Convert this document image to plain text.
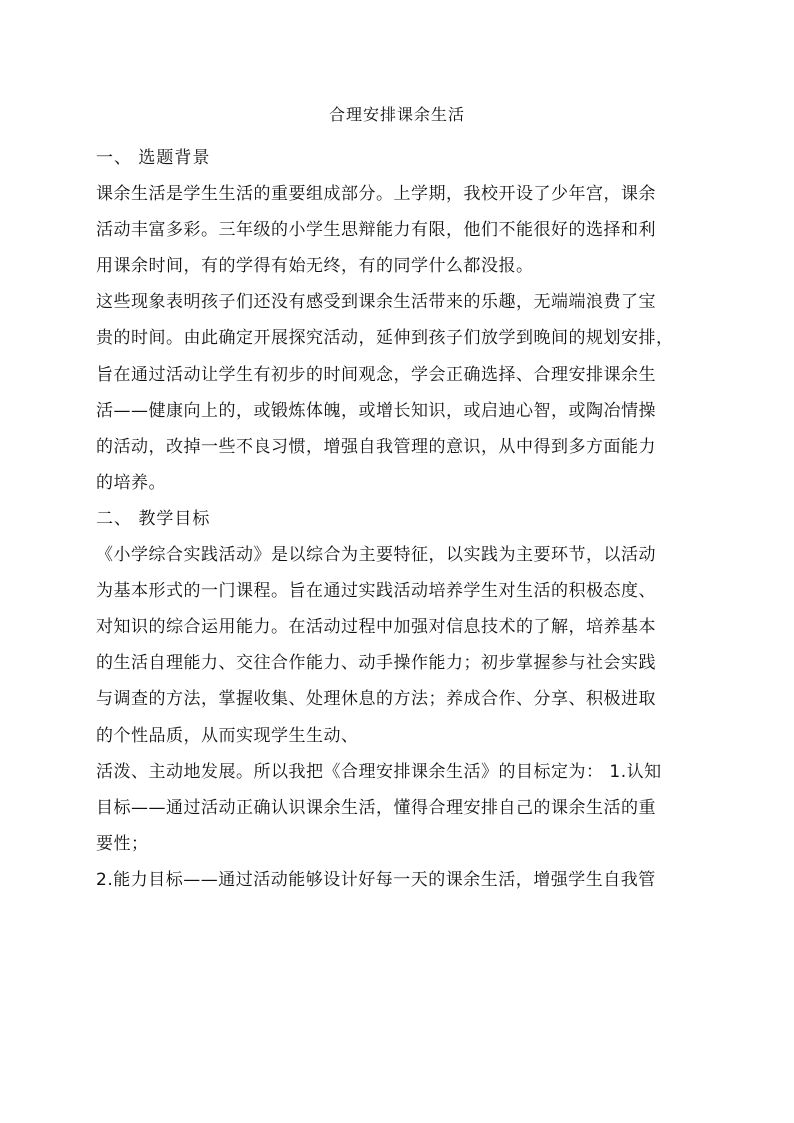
合理安排课余生活
一、 选题背景
课余生活是学生生活的重要组成部分。上学期，我校开设了少年宫，课余
活动丰富多彩。三年级的小学生思辩能力有限，他们不能很好的选择和利
用课余时间，有的学得有始无终，有的同学什么都没报。
这些现象表明孩子们还没有感受到课余生活带来的乐趣，无端端浪费了宝
贵的时间。由此确定开展探究活动，延伸到孩子们放学到晚间的规划安排，
旨在通过活动让学生有初步的时间观念，学会正确选择、合理安排课余生
活——健康向上的，或锻炼体魄，或增长知识，或启迪心智，或陶冶情操
的活动，改掉一些不良习惯，增强自我管理的意识，从中得到多方面能力
的培养。
二、 教学目标
《小学综合实践活动》是以综合为主要特征，以实践为主要环节，以活动
为基本形式的一门课程。旨在通过实践活动培养学生对生活的积极态度、
对知识的综合运用能力。在活动过程中加强对信息技术的了解，培养基本
的生活自理能力、交往合作能力、动手操作能力；初步掌握参与社会实践
与调查的方法，掌握收集、处理休息的方法；养成合作、分享、积极进取
的个性品质，从而实现学生生动、
活泼、主动地发展。所以我把《合理安排课余生活》的目标定为： 1.认知
目标——通过活动正确认识课余生活，懂得合理安排自己的课余生活的重
要性；
2.能力目标——通过活动能够设计好每一天的课余生活，增强学生自我管
